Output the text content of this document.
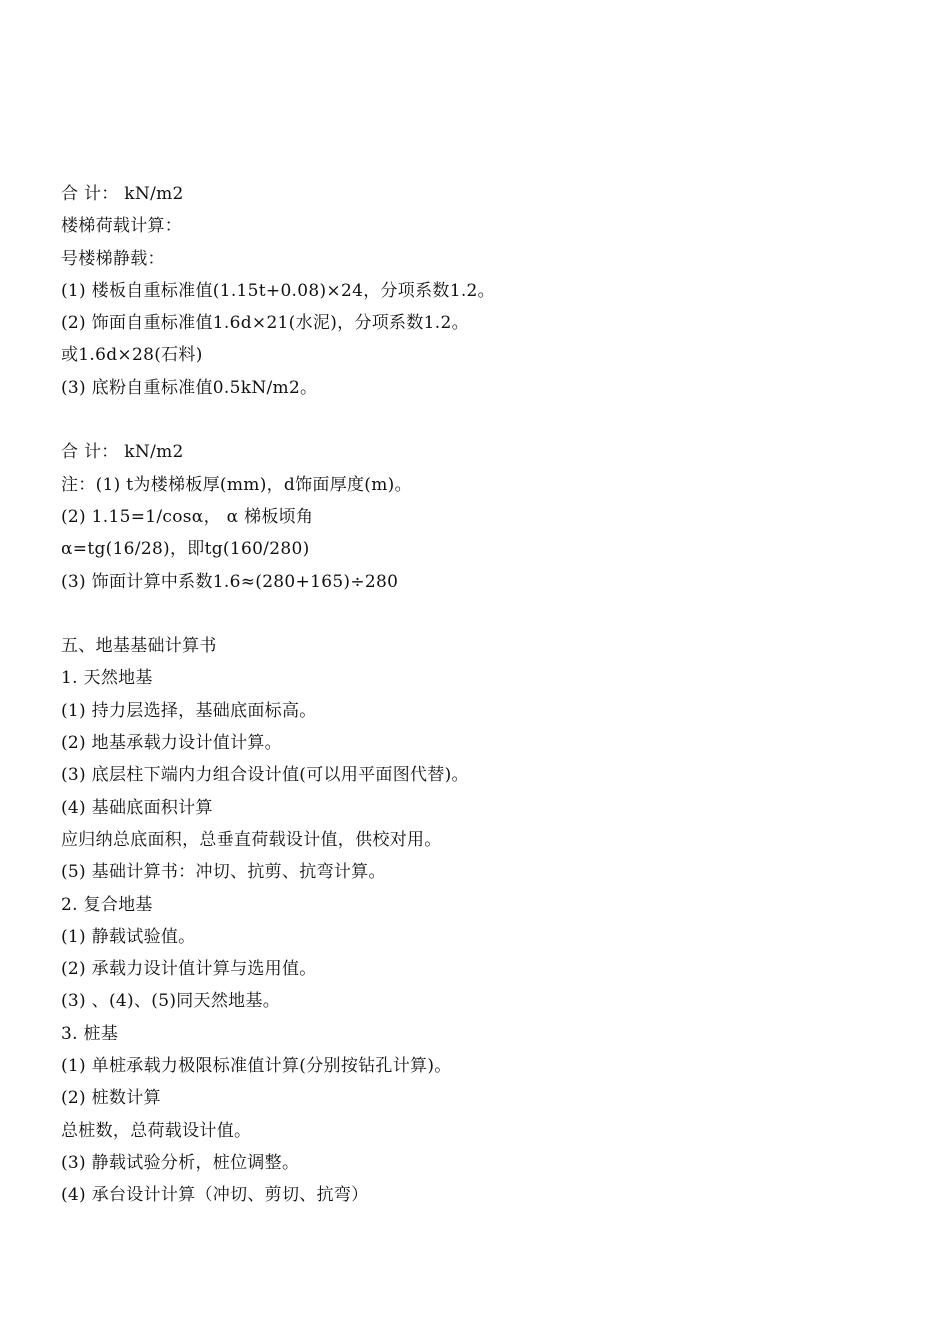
合 计： kN/m2
楼梯荷载计算：
号楼梯静载：
(1) 楼板自重标准值(1.15t+0.08)×24，分项系数1.2。
(2) 饰面自重标准值1.6d×21(水泥)，分项系数1.2。
或1.6d×28(石料)
(3) 底粉自重标准值0.5kN/m2。
合 计： kN/m2
注：(1) t为楼梯板厚(mm)，d饰面厚度(m)。
(2) 1.15=1/cosα， α 梯板顷角
α=tg(16/28)，即tg(160/280)
(3) 饰面计算中系数1.6≈(280+165)÷280
五、地基基础计算书
1. 天然地基
(1) 持力层选择，基础底面标高。
(2) 地基承载力设计值计算。
(3) 底层柱下端内力组合设计值(可以用平面图代替)。
(4) 基础底面积计算
应归纳总底面积，总垂直荷载设计值，供校对用。
(5) 基础计算书：冲切、抗剪、抗弯计算。
2. 复合地基
(1) 静载试验值。
(2) 承载力设计值计算与选用值。
(3) 、(4)、(5)同天然地基。
3. 桩基
(1) 单桩承载力极限标准值计算(分别按钻孔计算)。
(2) 桩数计算
总桩数，总荷载设计值。
(3) 静载试验分析，桩位调整。
(4) 承台设计计算（冲切、剪切、抗弯）
